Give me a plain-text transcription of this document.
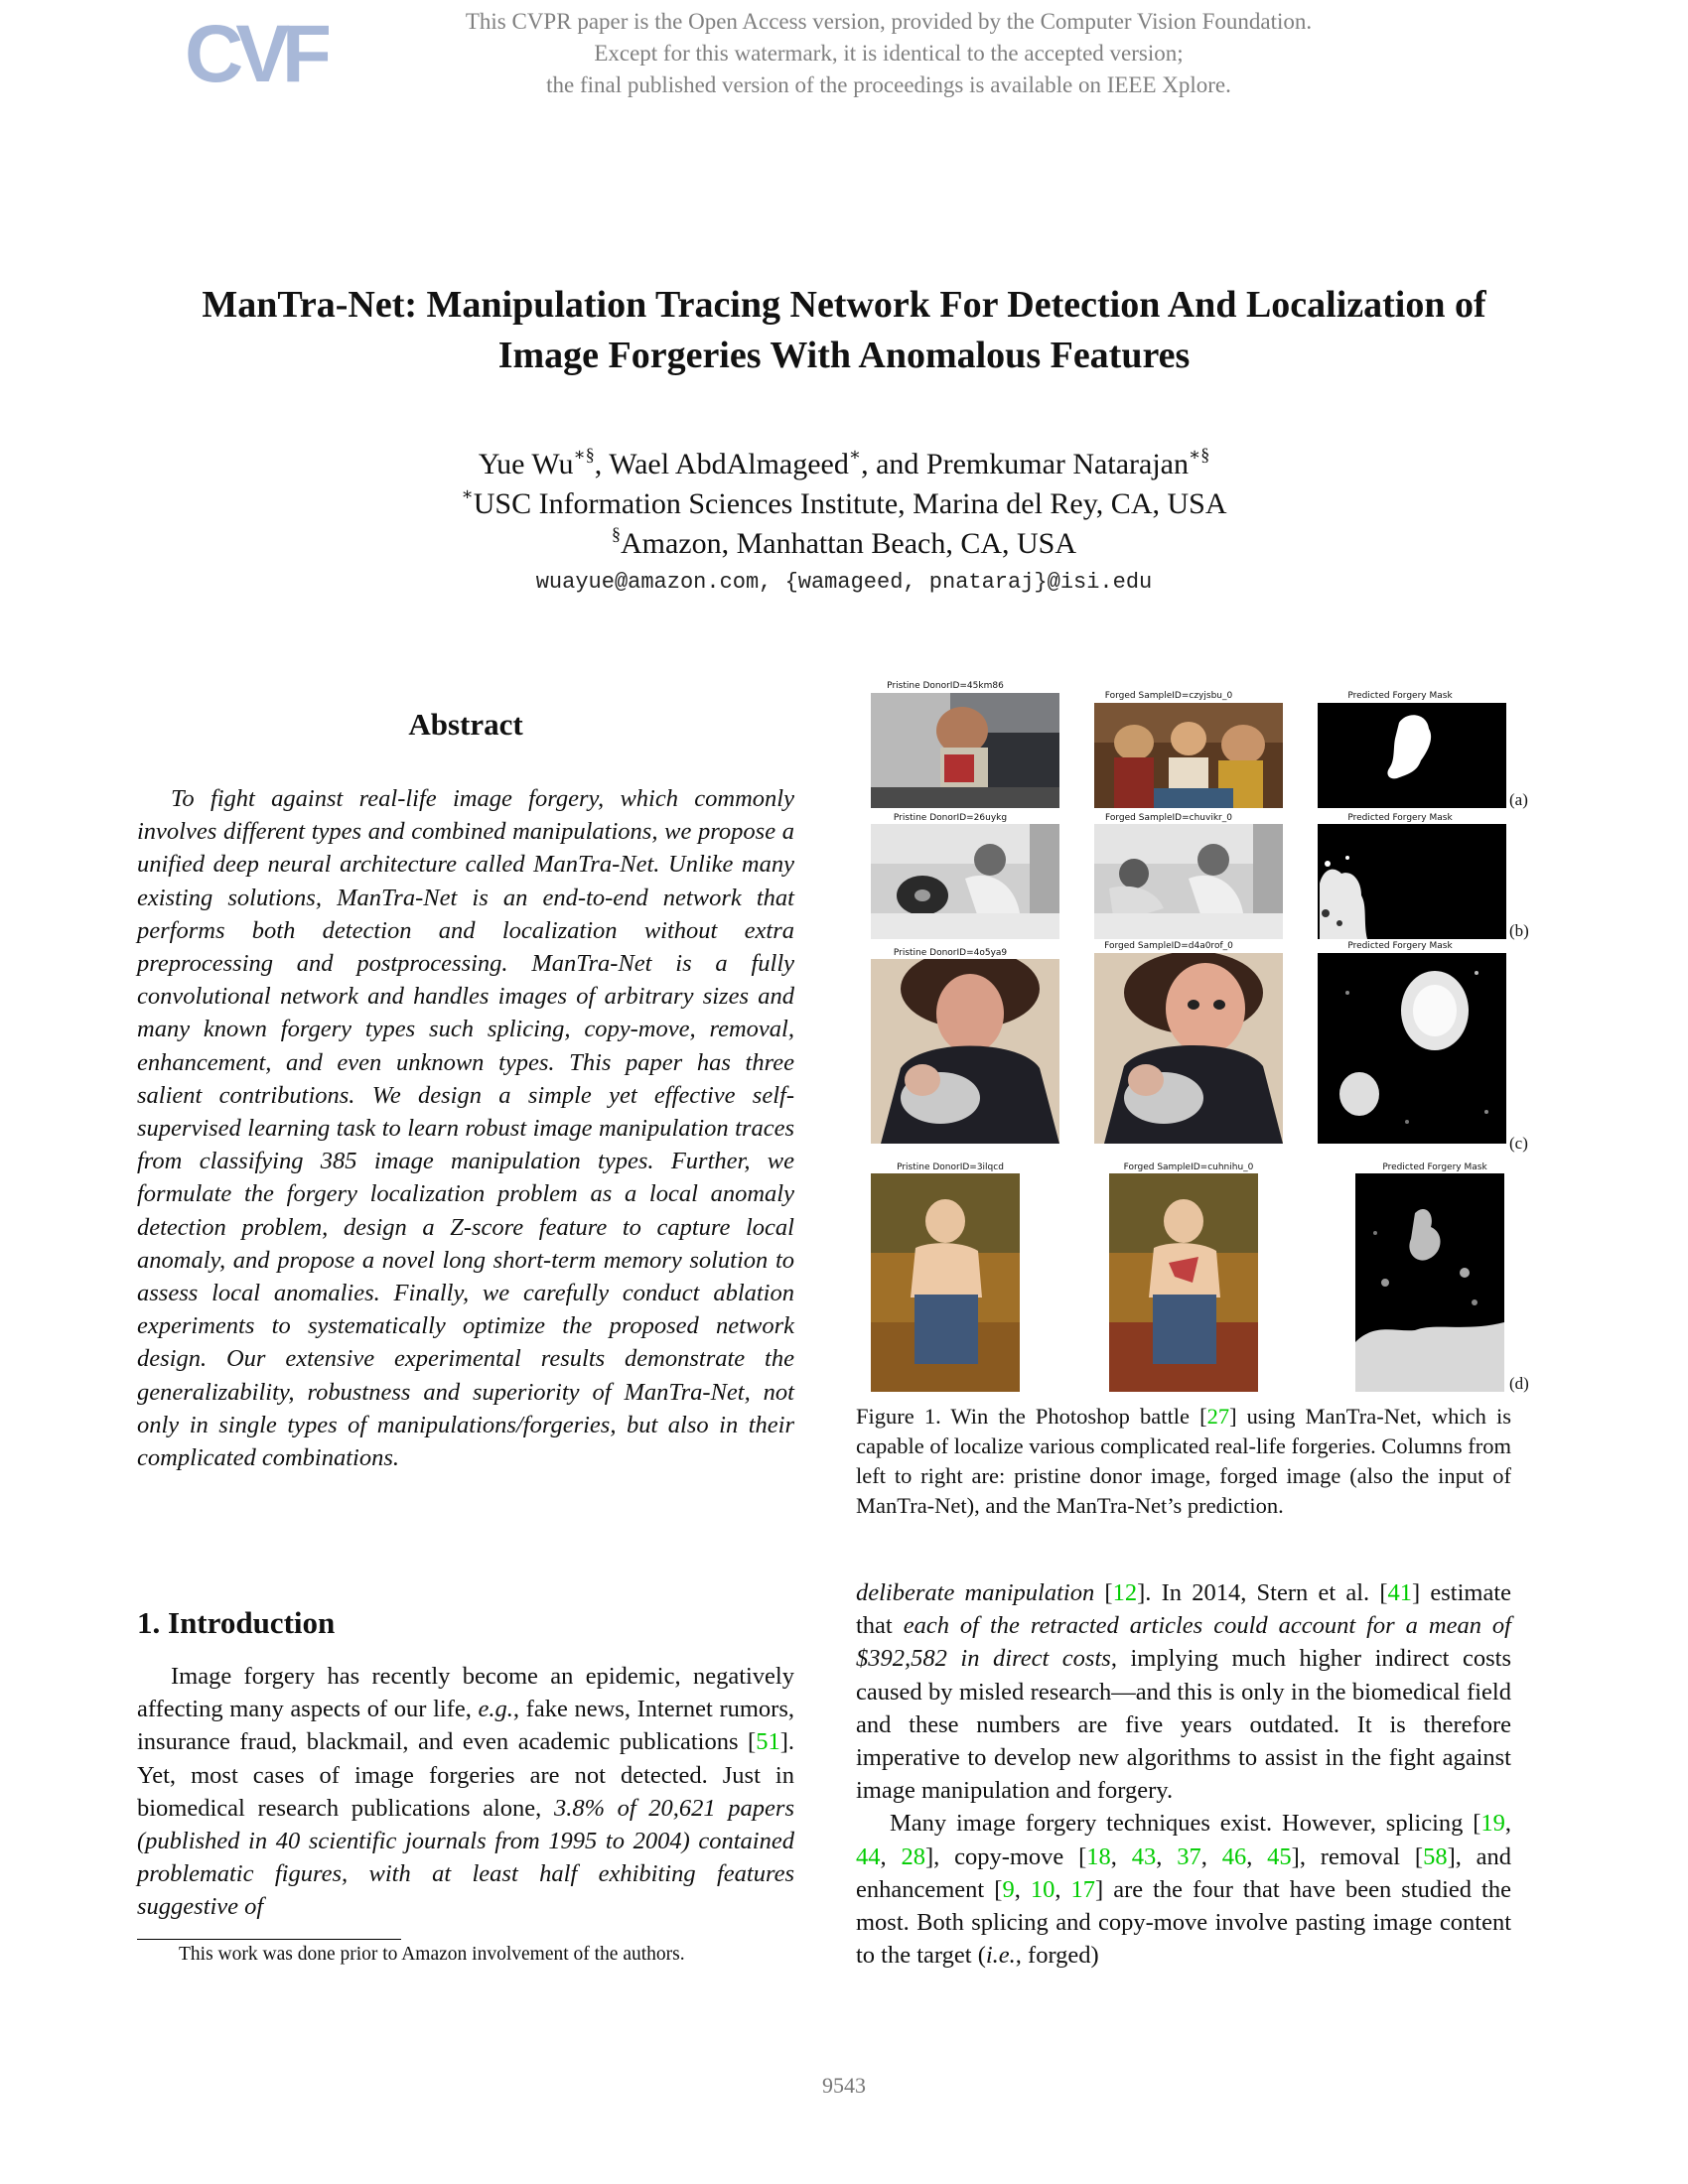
CVF	This CVPR paper is the Open Access version, provided by the Computer Vision Foundation.
Except for this watermark, it is identical to the accepted version;
the final published version of the proceedings is available on IEEE Xplore.
ManTra-Net: Manipulation Tracing Network For Detection And Localization of
Image Forgeries With Anomalous Features
Yue Wu∗§, Wael AbdAlmageed∗, and Premkumar Natarajan∗§
∗USC Information Sciences Institute, Marina del Rey, CA, USA
§Amazon, Manhattan Beach, CA, USA
wuayue@amazon.com, {wamageed, pnataraj}@isi.edu
Abstract

To fight against real-life image forgery, which commonly involves different types and combined manipulations, we propose a unified deep neural architecture called ManTra-Net. Unlike many existing solutions, ManTra-Net is an end-to-end network that performs both detection and localization without extra preprocessing and postprocessing. ManTra-Net is a fully convolutional network and handles images of arbitrary sizes and many known forgery types such splicing, copy-move, removal, enhancement, and even unknown types. This paper has three salient contributions. We design a simple yet effective self-supervised learning task to learn robust image manipulation traces from classifying 385 image manipulation types. Further, we formulate the forgery localization problem as a local anomaly detection problem, design a Z-score feature to capture local anomaly, and propose a novel long short-term memory solution to assess local anomalies. Finally, we carefully conduct ablation experiments to systematically optimize the proposed network design. Our extensive experimental results demonstrate the generalizability, robustness and superiority of ManTra-Net, not only in single types of manipulations/forgeries, but also in their complicated combinations.

1. Introduction

Image forgery has recently become an epidemic, negatively affecting many aspects of our life, e.g., fake news, Internet rumors, insurance fraud, blackmail, and even academic publications [51]. Yet, most cases of image forgeries are not detected. Just in biomedical research publications alone, 3.8% of 20,621 papers (published in 40 scientific journals from 1995 to 2004) contained problematic figures, with at least half exhibiting features suggestive of

This work was done prior to Amazon involvement of the authors.
Pristine DonorID=45km86
Forged SampleID=czyjsbu_0	Predicted Forgery Mask
(a)
Pristine DonorID=26uykg	Forged SampleID=chuvikr_0	Predicted Forgery Mask
(b)
Pristine DonorID=4o5ya9
Forged SampleID=d4a0rof_0	Predicted Forgery Mask
(c)
Pristine DonorID=3ilqcd	Forged SampleID=cuhnihu_0	Predicted Forgery Mask
(d)
Figure 1. Win the Photoshop battle [27] using ManTra-Net, which is capable of localize various complicated real-life forgeries. Columns from left to right are: pristine donor image, forged image (also the input of ManTra-Net), and the ManTra-Net’s prediction.

deliberate manipulation [12]. In 2014, Stern et al. [41] estimate that each of the retracted articles could account for a mean of $392,582 in direct costs, implying much higher indirect costs caused by misled research—and this is only in the biomedical field and these numbers are five years outdated. It is therefore imperative to develop new algorithms to assist in the fight against image manipulation and forgery.

Many image forgery techniques exist. However, splicing [19, 44, 28], copy-move [18, 43, 37, 46, 45], removal [58], and enhancement [9, 10, 17] are the four that have been studied the most. Both splicing and copy-move involve pasting image content to the target (i.e., forged)

9543
